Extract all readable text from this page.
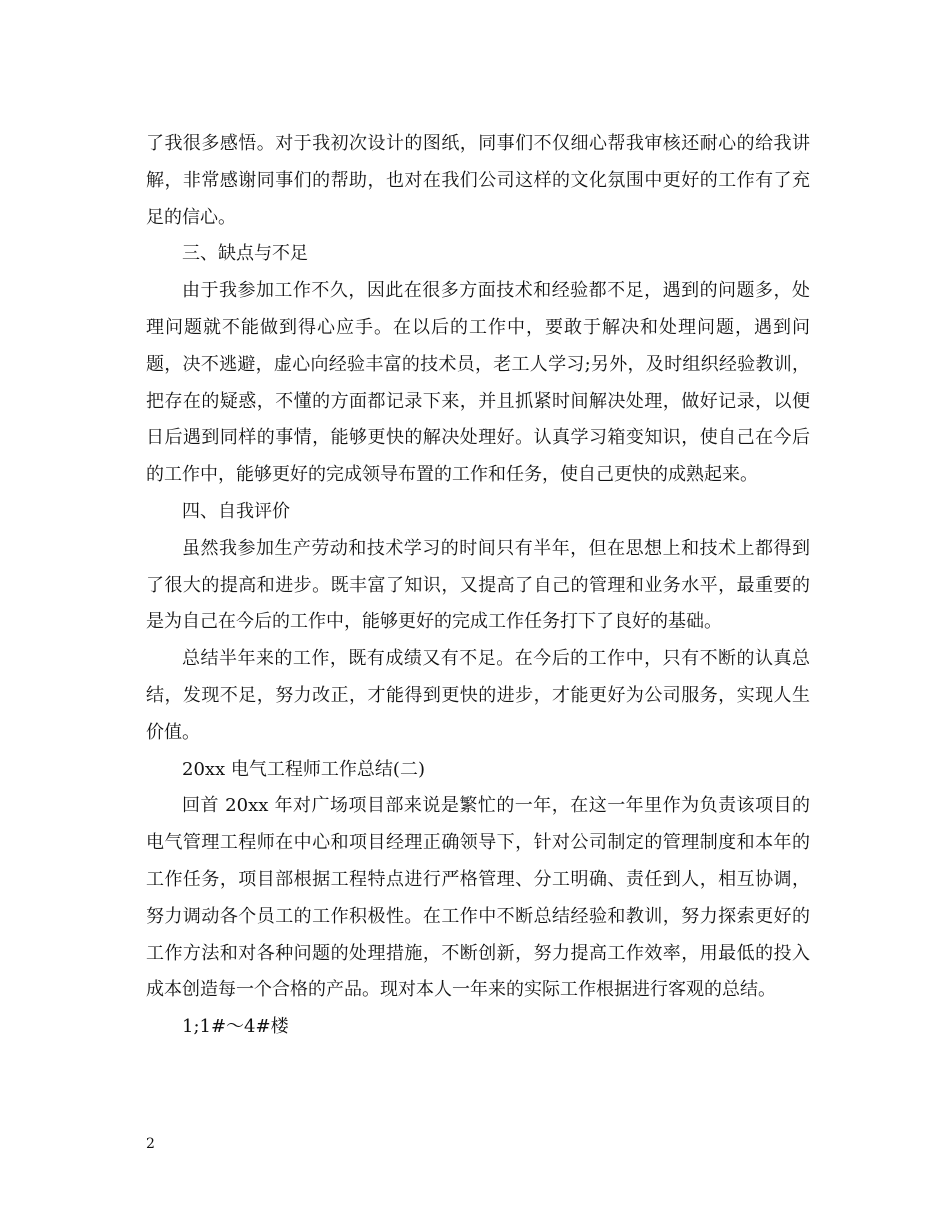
了我很多感悟。对于我初次设计的图纸，同事们不仅细心帮我审核还耐心的给我讲解，非常感谢同事们的帮助，也对在我们公司这样的文化氛围中更好的工作有了充足的信心。

三、缺点与不足

由于我参加工作不久，因此在很多方面技术和经验都不足，遇到的问题多，处理问题就不能做到得心应手。在以后的工作中，要敢于解决和处理问题，遇到问题，决不逃避，虚心向经验丰富的技术员，老工人学习;另外，及时组织经验教训，把存在的疑惑，不懂的方面都记录下来，并且抓紧时间解决处理，做好记录，以便日后遇到同样的事情，能够更快的解决处理好。认真学习箱变知识，使自己在今后的工作中，能够更好的完成领导布置的工作和任务，使自己更快的成熟起来。

四、自我评价

虽然我参加生产劳动和技术学习的时间只有半年，但在思想上和技术上都得到了很大的提高和进步。既丰富了知识，又提高了自己的管理和业务水平，最重要的是为自己在今后的工作中，能够更好的完成工作任务打下了良好的基础。

总结半年来的工作，既有成绩又有不足。在今后的工作中，只有不断的认真总结，发现不足，努力改正，才能得到更快的进步，才能更好为公司服务，实现人生价值。

20xx 电气工程师工作总结(二)

回首 20xx 年对广场项目部来说是繁忙的一年，在这一年里作为负责该项目的电气管理工程师在中心和项目经理正确领导下，针对公司制定的管理制度和本年的工作任务，项目部根据工程特点进行严格管理、分工明确、责任到人，相互协调，努力调动各个员工的工作积极性。在工作中不断总结经验和教训，努力探索更好的工作方法和对各种问题的处理措施，不断创新，努力提高工作效率，用最低的投入成本创造每一个合格的产品。现对本人一年来的实际工作根据进行客观的总结。

1;1#～4#楼

2
